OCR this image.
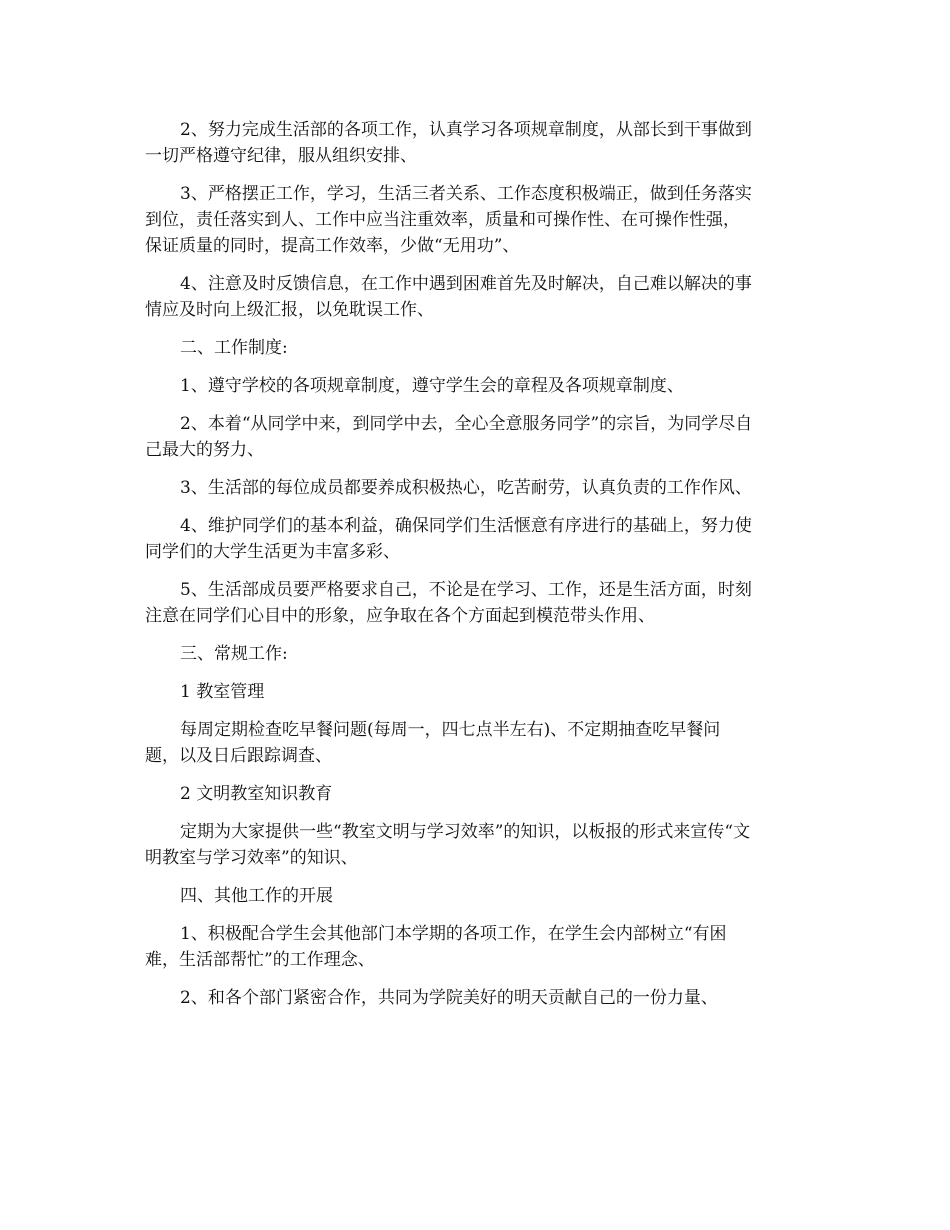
2、努力完成生活部的各项工作，认真学习各项规章制度，从部长到干事做到
一切严格遵守纪律，服从组织安排、
3、严格摆正工作，学习，生活三者关系、工作态度积极端正，做到任务落实
到位，责任落实到人、工作中应当注重效率，质量和可操作性、在可操作性强，
保证质量的同时，提高工作效率，少做“无用功”、
4、注意及时反馈信息，在工作中遇到困难首先及时解决，自己难以解决的事
情应及时向上级汇报，以免耽误工作、
二、工作制度:
1、遵守学校的各项规章制度，遵守学生会的章程及各项规章制度、
2、本着“从同学中来，到同学中去，全心全意服务同学”的宗旨，为同学尽自
己最大的努力、
3、生活部的每位成员都要养成积极热心，吃苦耐劳，认真负责的工作作风、
4、维护同学们的基本利益，确保同学们生活惬意有序进行的基础上，努力使
同学们的大学生活更为丰富多彩、
5、生活部成员要严格要求自己，不论是在学习、工作，还是生活方面，时刻
注意在同学们心目中的形象，应争取在各个方面起到模范带头作用、
三、常规工作:
1 教室管理
每周定期检查吃早餐问题(每周一，四七点半左右)、不定期抽查吃早餐问
题，以及日后跟踪调查、
2 文明教室知识教育
定期为大家提供一些“教室文明与学习效率”的知识，以板报的形式来宣传“文
明教室与学习效率”的知识、
四、其他工作的开展
1、积极配合学生会其他部门本学期的各项工作，在学生会内部树立“有困
难，生活部帮忙”的工作理念、
2、和各个部门紧密合作，共同为学院美好的明天贡献自己的一份力量、
